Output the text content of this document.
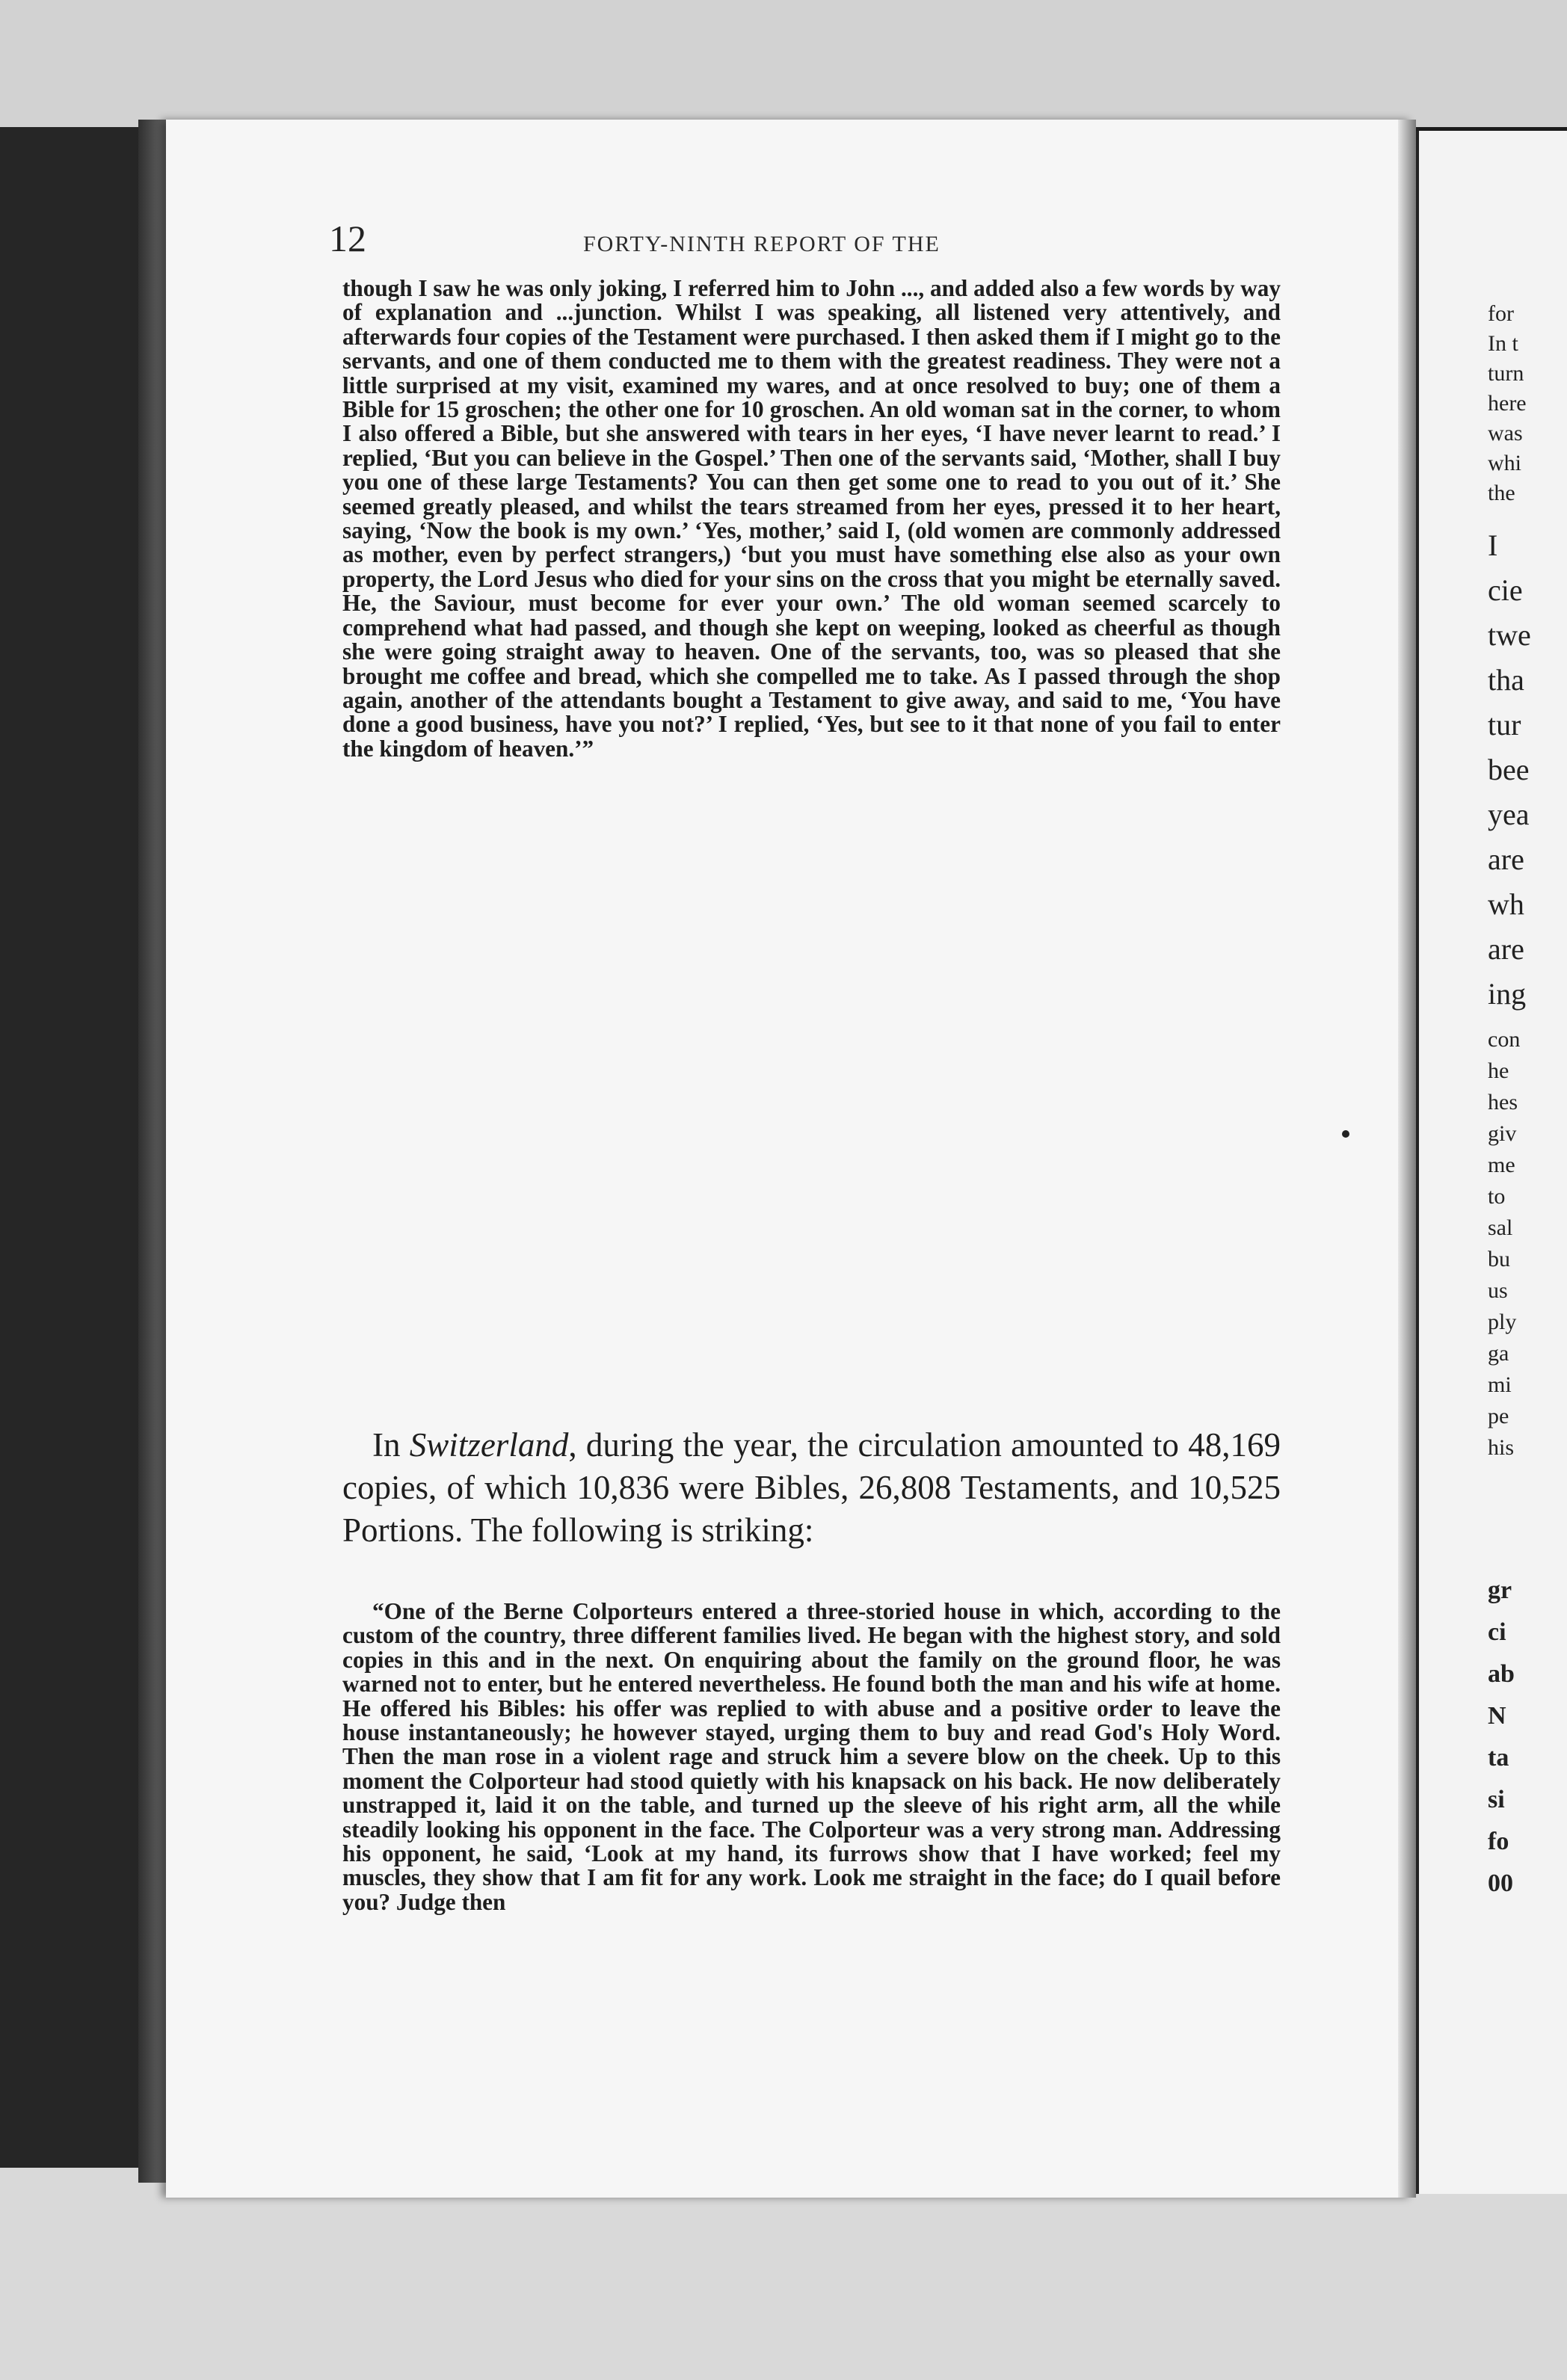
12	FORTY-NINTH REPORT OF THE

though I saw he was only joking, I referred him to John ..., and added also a few words by way of explanation and ...junction. Whilst I was speaking, all listened very attentively, and afterwards four copies of the Testament were purchased. I then asked them if I might go to the servants, and one of them conducted me to them with the greatest readiness. They were not a little surprised at my visit, examined my wares, and at once resolved to buy; one of them a Bible for 15 groschen; the other one for 10 groschen. An old woman sat in the corner, to whom I also offered a Bible, but she answered with tears in her eyes, ‘I have never learnt to read.’ I replied, ‘But you can believe in the Gospel.’ Then one of the servants said, ‘Mother, shall I buy you one of these large Testaments? You can then get some one to read to you out of it.’ She seemed greatly pleased, and whilst the tears streamed from her eyes, pressed it to her heart, saying, ‘Now the book is my own.’ ‘Yes, mother,’ said I, (old women are commonly addressed as mother, even by perfect strangers,) ‘but you must have something else also as your own property, the Lord Jesus who died for your sins on the cross that you might be eternally saved. He, the Saviour, must become for ever your own.’ The old woman seemed scarcely to comprehend what had passed, and though she kept on weeping, looked as cheerful as though she were going straight away to heaven. One of the servants, too, was so pleased that she brought me coffee and bread, which she compelled me to take. As I passed through the shop again, another of the attendants bought a Testament to give away, and said to me, ‘You have done a good business, have you not?’ I replied, ‘Yes, but see to it that none of you fail to enter the kingdom of heaven.’”

In Switzerland, during the year, the circulation amounted to 48,169 copies, of which 10,836 were Bibles, 26,808 Testaments, and 10,525 Portions. The following is striking:

“One of the Berne Colporteurs entered a three-storied house in which, according to the custom of the country, three different families lived. He began with the highest story, and sold copies in this and in the next. On enquiring about the family on the ground floor, he was warned not to enter, but he entered nevertheless. He found both the man and his wife at home. He offered his Bibles: his offer was replied to with abuse and a positive order to leave the house instantaneously; he however stayed, urging them to buy and read God's Holy Word. Then the man rose in a violent rage and struck him a severe blow on the cheek. Up to this moment the Colporteur had stood quietly with his knapsack on his back. He now deliberately unstrapped it, laid it on the table, and turned up the sleeve of his right arm, all the while steadily looking his opponent in the face. The Colporteur was a very strong man. Addressing his opponent, he said, ‘Look at my hand, its furrows show that I have worked; feel my muscles, they show that I am fit for any work. Look me straight in the face; do I quail before you? Judge then

for
In t
turn
here
was
whi
the
I
cie
twe
tha
tur
bee
yea
are
wh
are
ing
con
he
hes
giv
me
to
sal
bu
us
ply
ga
mi
pe
his
gr
ci
ab
N
ta
si
fo
00
